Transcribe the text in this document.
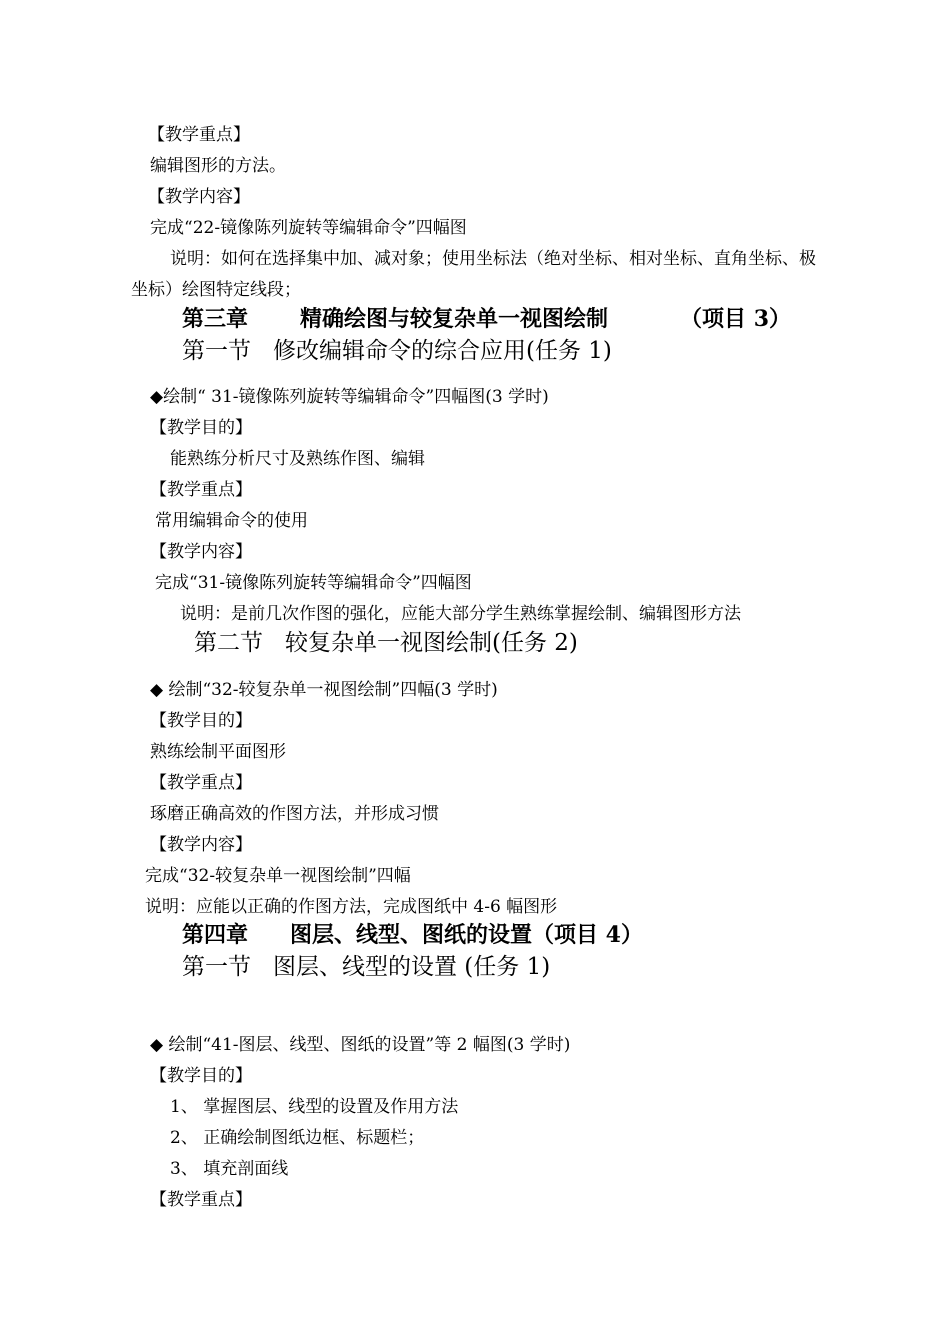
【教学重点】
编辑图形的方法。
【教学内容】
完成“22-镜像陈列旋转等编辑命令”四幅图
说明：如何在选择集中加、减对象；使用坐标法（绝对坐标、相对坐标、直角坐标、极
坐标）绘图特定线段；
第三章 精确绘图与较复杂单一视图绘制	（项目 3）
第一节 修改编辑命令的综合应用(任务 1)
◆绘制“ 31-镜像陈列旋转等编辑命令”四幅图(3 学时)
【教学目的】
能熟练分析尺寸及熟练作图、编辑
【教学重点】
常用编辑命令的使用
【教学内容】
完成“31-镜像陈列旋转等编辑命令”四幅图
说明：是前几次作图的强化，应能大部分学生熟练掌握绘制、编辑图形方法
第二节 较复杂单一视图绘制(任务 2)
◆ 绘制“32-较复杂单一视图绘制”四幅(3 学时)
【教学目的】
熟练绘制平面图形
【教学重点】
琢磨正确高效的作图方法，并形成习惯
【教学内容】
完成“32-较复杂单一视图绘制”四幅
说明：应能以正确的作图方法，完成图纸中 4-6 幅图形
第四章 图层、线型、图纸的设置（项目 4）
第一节 图层、线型的设置 (任务 1)
◆ 绘制“41-图层、线型、图纸的设置”等 2 幅图(3 学时)
【教学目的】
1、 掌握图层、线型的设置及作用方法
2、 正确绘制图纸边框、标题栏；
3、 填充剖面线
【教学重点】
